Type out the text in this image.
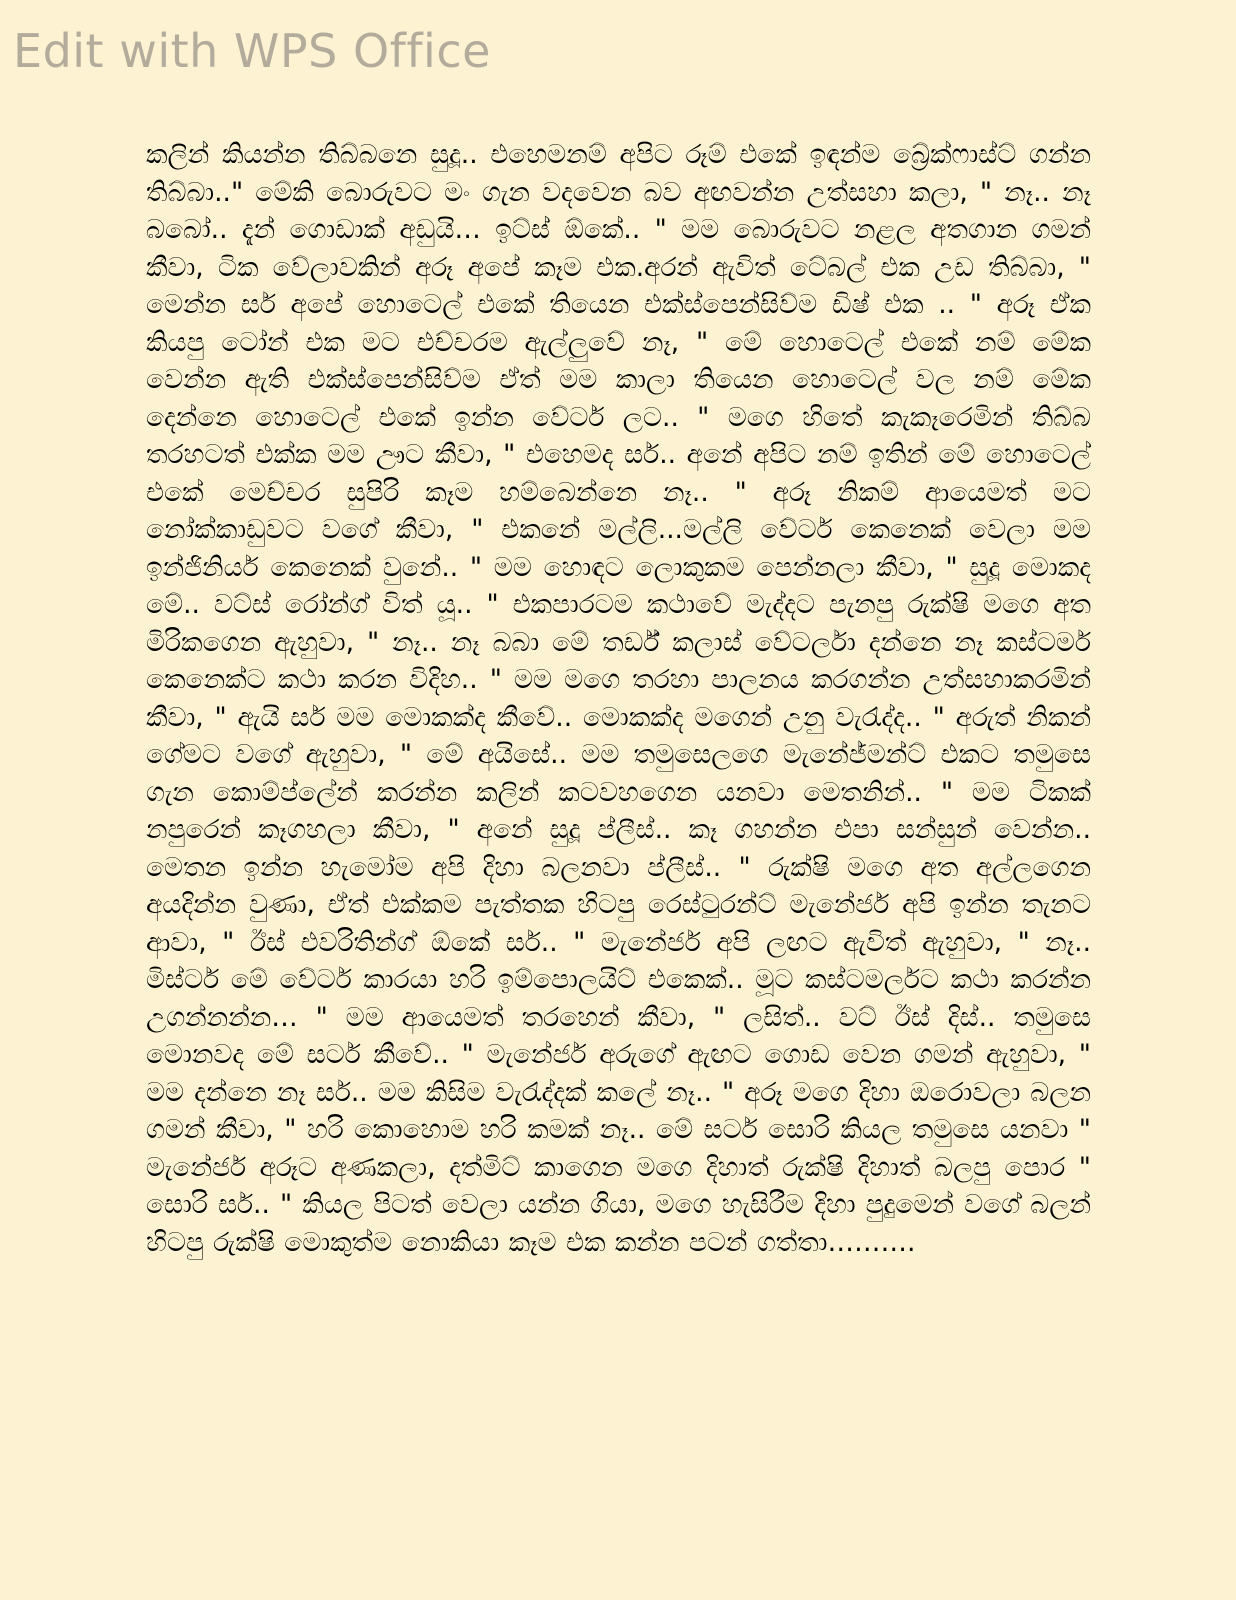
Edit with WPS Office
කලින් කියන්න තිබ්බනෙ සුදූ.. එහෙමනම් අපිට රූම් එකේ ඉඳන්ම බ්‍රේක්ෆාස්ට් ගන්න තිබ්බා.." මේකි බොරුවට මං ගැන වදවෙන බව අඟවන්න උත්සහා කලා, " නෑ.. නෑ බබෝ.. දැන් ගොඩාක් අඩුයි… ඉට්ස් ඕකේ.. " මම බොරුවට නළල අතගාන ගමන් කීවා, ටික වේලාවකින් අරූ අපේ කෑම එක.අරන් ඇවිත් ටේබල් එක උඩ තිබ්බා, " මෙන්න සර් අපේ හොටෙල් එකේ තියෙන එක්ස්පෙන්සිව්ම ඩිෂ් එක .. " අරූ ඒක කියපු ටෝන් එක මට එච්චරම ඇල්ලුවේ නෑ, " මේ හොටෙල් එකේ නම් මේක වෙන්න ඇති එක්ස්පෙන්සිව්ම ඒත් මම කාලා තියෙන හොටෙල් වල නම් මේක දෙන්නෙ හොටෙල් එකේ ඉන්න වේටර් ලට.. " මගෙ හිතේ කැකෑරෙමින් තිබ්බ තරහටත් එක්ක මම ඌට කීවා, " එහෙමද සර්.. අනේ අපිට නම් ඉතින් මේ හොටෙල් එකේ මෙච්චර සුපිරි කෑම හම්බෙන්නෙ නෑ.. " අරූ නිකම් ආයෙමත් මට නෝක්කාඩුවට වගේ කීවා, " එකනේ මල්ලි...මල්ලි වේටර් කෙනෙක් වෙලා මම ඉන්ජිනියර් කෙනෙක් වුනේ.. " මම හොඳට ලොකුකම පෙන්නලා කීවා, " සුදූ මොකද මේ.. වට්ස් රෝන්ග් විත් යූ.. " එකපාරටම කථාවේ මැද්දට පැනපු රුක්ෂි මගෙ අත මිරිකගෙන ඇහුවා, " නෑ.. නෑ බබා මේ තර්ඩ් කලාස් වේටර්ලා දන්නෙ නෑ කස්ටමර් කෙනෙක්ට කථා කරන විදිහ.. " මම මගෙ තරහා පාලනය කරගන්න උත්සහාකරමින් කීවා, " ඇයි සර් මම මොකක්ද කීවේ.. මොකක්ද මගෙන් උනු වැරැද්ද.. " අරුත් නිකන් ගේමට වගේ ඇහුවා, " මේ අයිසේ.. මම තමුසෙලගෙ මැනේජ්මන්ට් එකට තමුසෙ ගැන කොම්ප්ලේන් කරන්න කලින් කටවහගෙන යනවා මෙතනින්.. " මම ටිකක් නපුරෙන් කෑගහලා කීවා, " අනේ සුදූ ප්ලීස්.. කෑ ගහන්න එපා සන්සුන් වෙන්න.. මෙතන ඉන්න හැමෝම අපි දිහා බලනවා ප්ලීස්.. " රුක්ෂි මගෙ අත අල්ලගෙන අයදින්න වුණා, ඒත් එක්කම පැත්තක හිටපු රෙස්ටුරන්ට් මැනේජර් අපි ඉන්න තැනට ආවා, " ඊස් එවරිතින්ග් ඕකේ සර්.. " මැනේජර් අපි ලඟට ඇවිත් ඇහුවා, " නෑ.. මිස්ටර් මේ වේටර් කාරයා හරි ඉම්පොලයිට් එකෙක්.. මූට කස්ටමර්ලට කථා කරන්න උගන්නන්න… " මම ආයෙමත් තරහෙන් කීවා, " ලසිත්.. වට් ඊස් දිස්.. තමුසෙ මොනවද මේ සර්ට කීවේ.. " මැනේජර් අරුගේ ඇඟට ගොඩ වෙන ගමන් ඇහුවා, " මම දන්නෙ නෑ සර්.. මම කිසිම වැරැද්දක් කලේ නෑ.. " අරූ මගෙ දිහා ඔරොවලා බලන ගමන් කීවා, " හරි කොහොම හරි කමක් නෑ.. මේ සර්ට සොරි කියල තමුසෙ යනවා " මැනේජර් අරූට අණකලා, දත්මිට් කාගෙන මගෙ දිහාත් රුක්ෂි දිහාත් බලපු පොර " සොරි සර්.. " කියල පිටත් වෙලා යන්න ගියා, මගෙ හැසිරීම දිහා පුදුමෙන් වගේ බලන් හිටපු රුක්ෂි මොකුත්ම නොකියා කෑම එක කන්න පටන් ගත්තා……….
